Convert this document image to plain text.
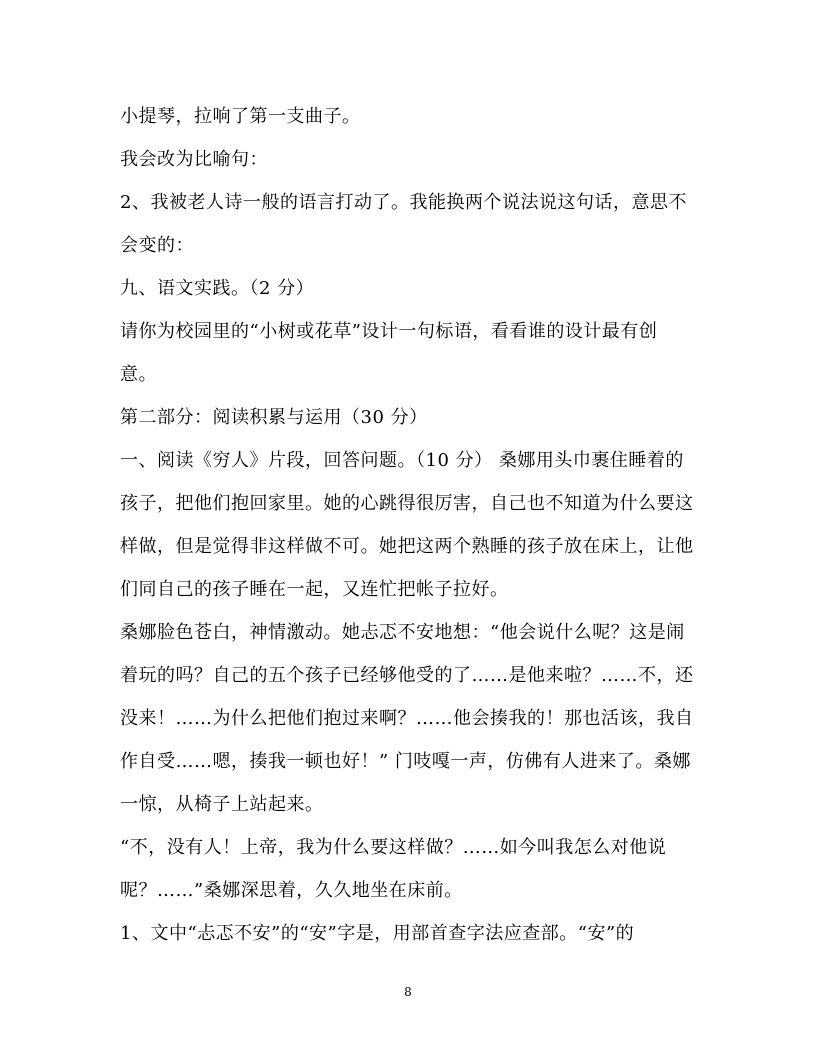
小提琴，拉响了第一支曲子。
我会改为比喻句：
2、我被老人诗一般的语言打动了。我能换两个说法说这句话，意思不
会变的：
九、语文实践。（2 分）
请你为校园里的“小树或花草”设计一句标语，看看谁的设计最有创
意。
第二部分：阅读积累与运用（30 分）
一、阅读《穷人》片段，回答问题。（10 分） 桑娜用头巾裹住睡着的
孩子，把他们抱回家里。她的心跳得很厉害，自己也不知道为什么要这
样做，但是觉得非这样做不可。她把这两个熟睡的孩子放在床上，让他
们同自己的孩子睡在一起，又连忙把帐子拉好。
桑娜脸色苍白，神情激动。她忐忑不安地想：“他会说什么呢？这是闹
着玩的吗？自己的五个孩子已经够他受的了……是他来啦？……不，还
没来！……为什么把他们抱过来啊？……他会揍我的！那也活该，我自
作自受……嗯，揍我一顿也好！” 门吱嘎一声，仿佛有人进来了。桑娜
一惊，从椅子上站起来。
“不，没有人！上帝，我为什么要这样做？……如今叫我怎么对他说
呢？……”桑娜深思着，久久地坐在床前。
1、文中“忐忑不安”的“安”字是，用部首查字法应查部。“安”的
8
